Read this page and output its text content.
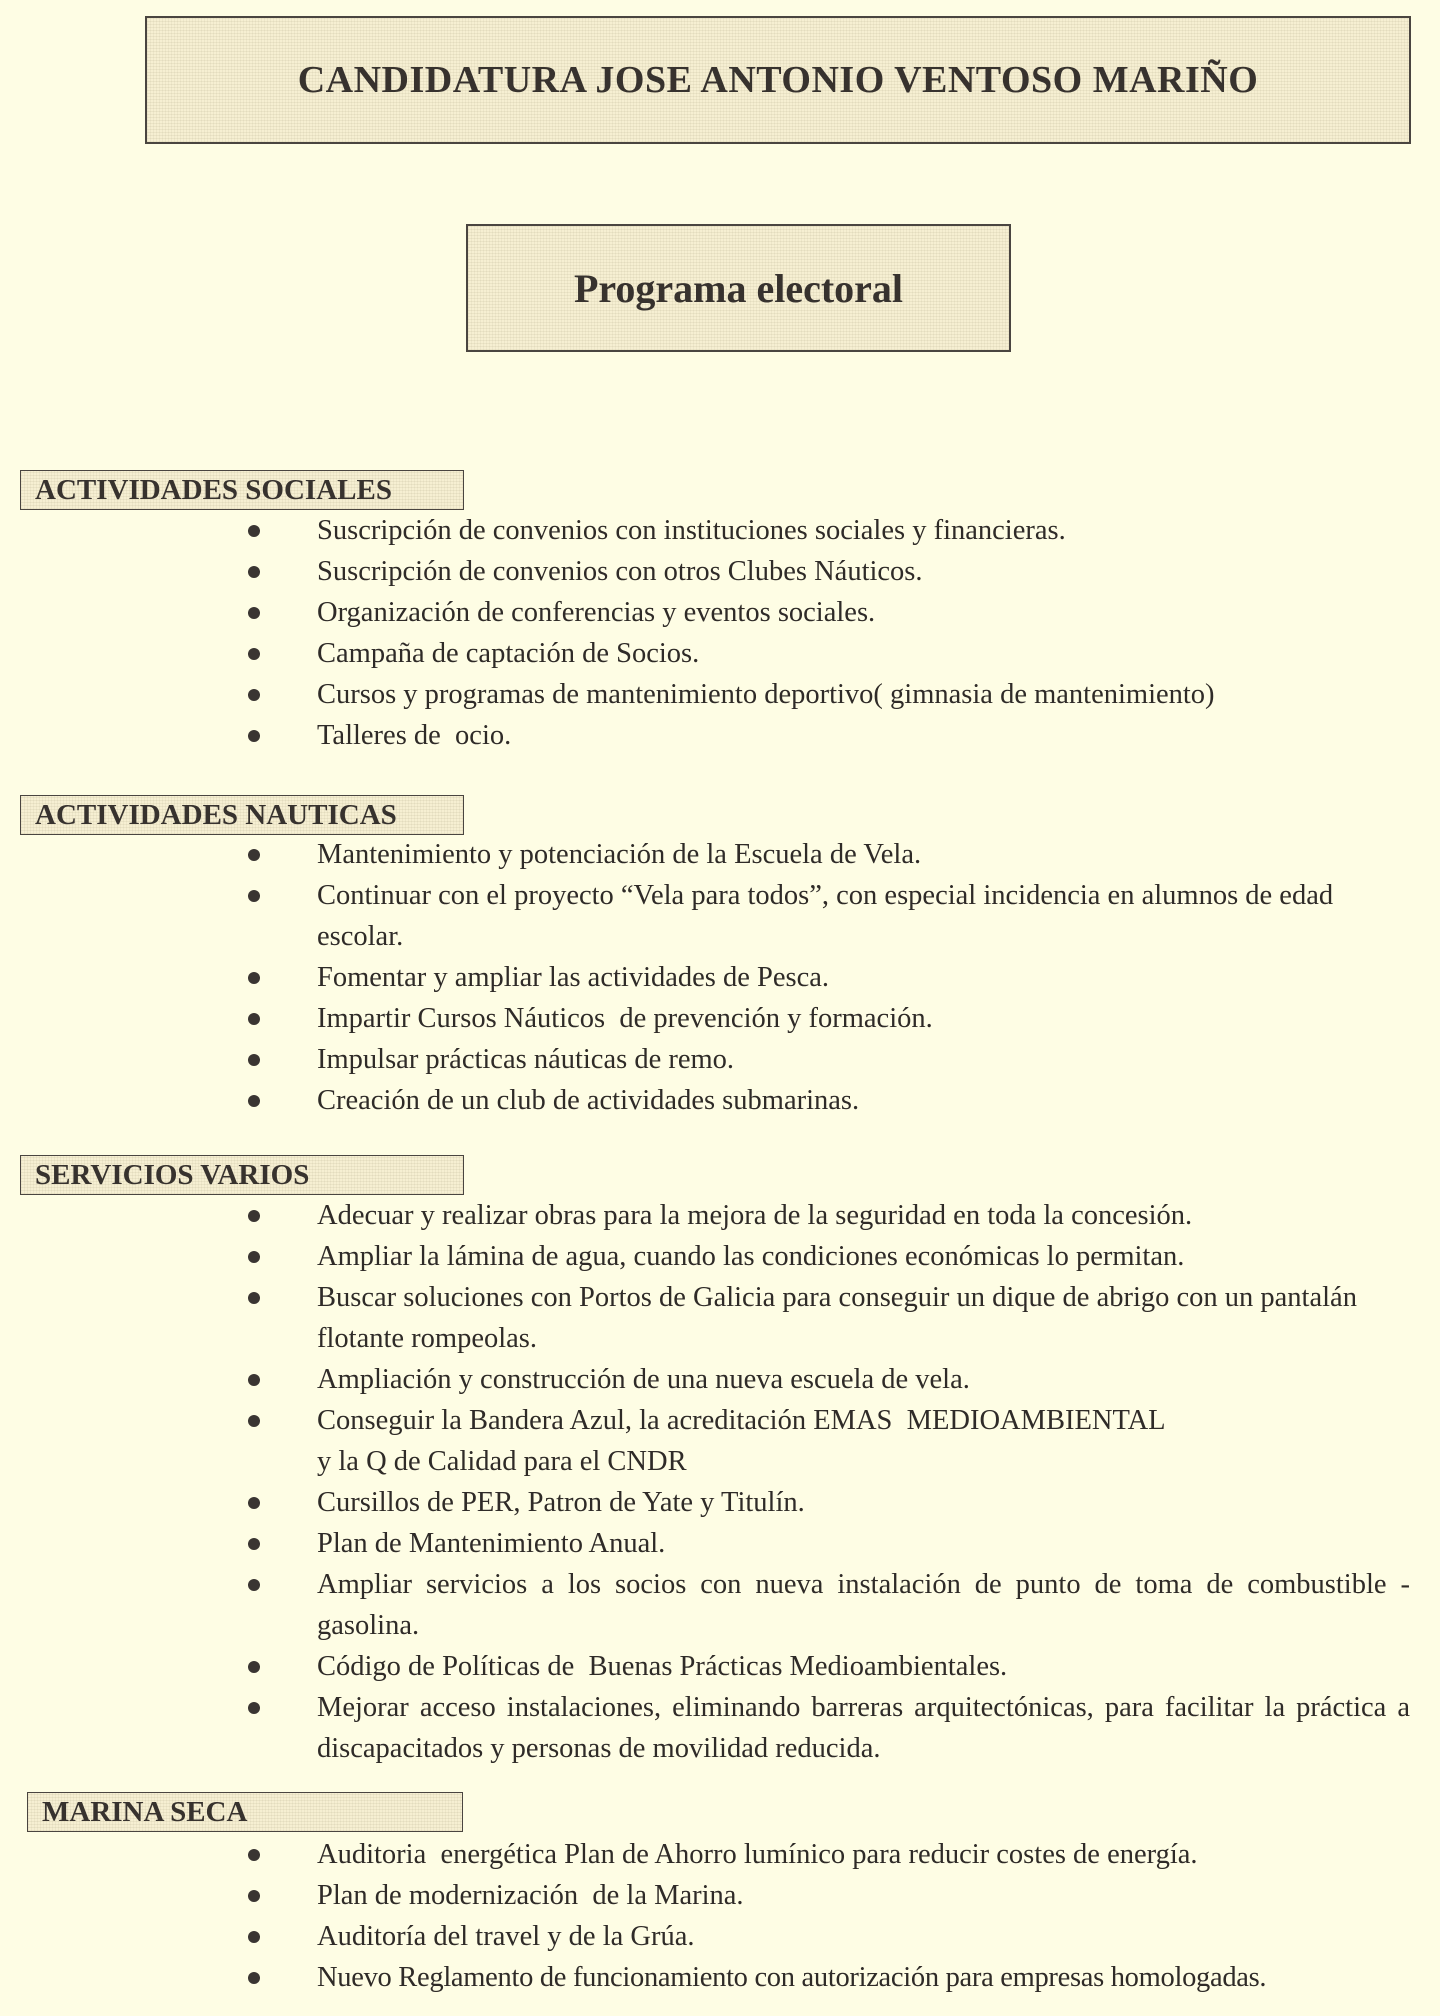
CANDIDATURA JOSE ANTONIO VENTOSO MARIÑO
Programa electoral
ACTIVIDADES SOCIALES
Suscripción de convenios con instituciones sociales y financieras.
Suscripción de convenios con otros Clubes Náuticos.
Organización de conferencias y eventos sociales.
Campaña de captación de Socios.
Cursos y programas de mantenimiento deportivo( gimnasia de mantenimiento)
Talleres de  ocio.
ACTIVIDADES NAUTICAS
Mantenimiento y potenciación de la Escuela de Vela.
Continuar con el proyecto “Vela para todos”, con especial incidencia en alumnos de edad escolar.
Fomentar y ampliar las actividades de Pesca.
Impartir Cursos Náuticos  de prevención y formación.
Impulsar prácticas náuticas de remo.
Creación de un club de actividades submarinas.
SERVICIOS VARIOS
Adecuar y realizar obras para la mejora de la seguridad en toda la concesión.
Ampliar la lámina de agua, cuando las condiciones económicas lo permitan.
Buscar soluciones con Portos de Galicia para conseguir un dique de abrigo con un pantalán flotante rompeolas.
Ampliación y construcción de una nueva escuela de vela.
Conseguir la Bandera Azul, la acreditación EMAS  MEDIOAMBIENTAL
y la Q de Calidad para el CNDR
Cursillos de PER, Patron de Yate y Titulín.
Plan de Mantenimiento Anual.
Ampliar servicios a los socios con nueva instalación de punto de toma de combustible - gasolina.
Código de Políticas de  Buenas Prácticas Medioambientales.
Mejorar acceso instalaciones, eliminando barreras arquitectónicas, para facilitar la práctica a discapacitados y personas de movilidad reducida.
MARINA SECA
Auditoria  energética Plan de Ahorro lumínico para reducir costes de energía.
Plan de modernización  de la Marina.
Auditoría del travel y de la Grúa.
Nuevo Reglamento de funcionamiento con autorización para empresas homologadas.
